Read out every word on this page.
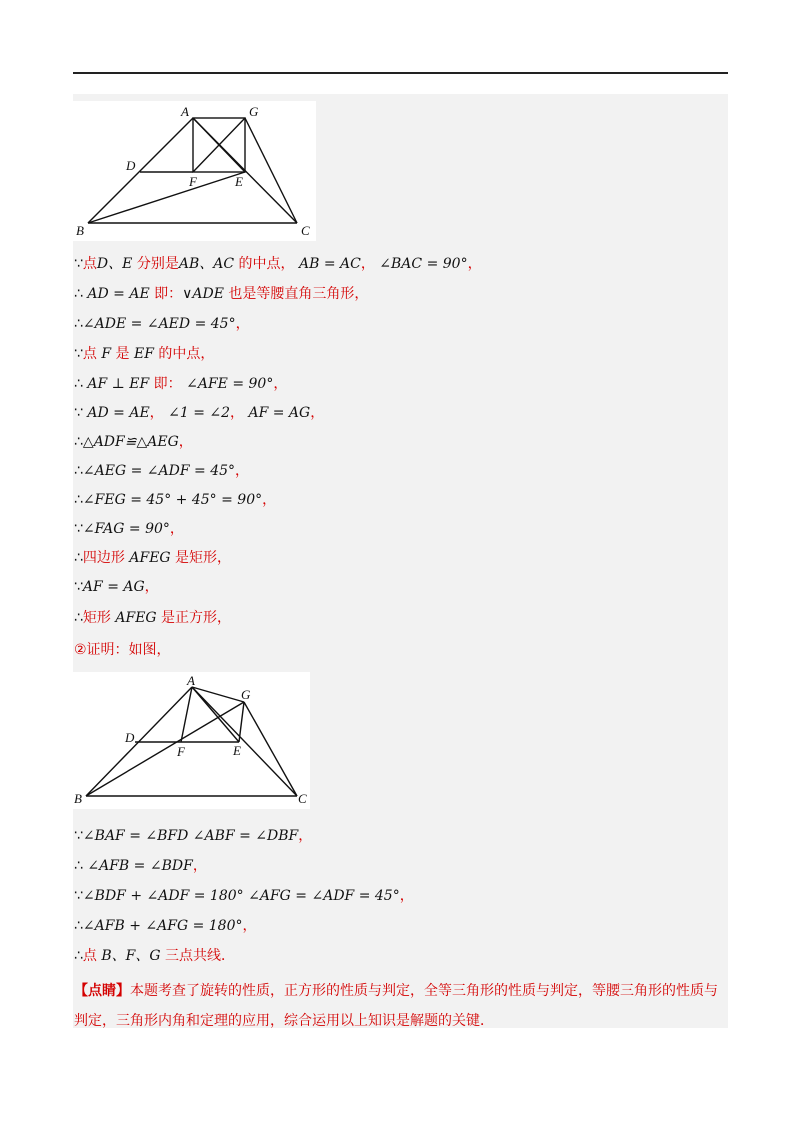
A	G
D
F	E
B	C
∵点D、E 分别是AB、AC 的中点， AB = AC， ∠BAC = 90°，
∴ AD = AE 即：∨ADE 也是等腰直角三角形，
∴∠ADE = ∠AED = 45°，
∵点 F 是 EF 的中点，
∴ AF ⊥ EF 即： ∠AFE = 90°，
∵ AD = AE， ∠1 = ∠2， AF = AG，
∴△ADF≌△AEG，
∴∠AEG = ∠ADF = 45°，
∴∠FEG = 45° + 45° = 90°，
∵∠FAG = 90°，
∴四边形 AFEG 是矩形，
∵AF = AG，
∴矩形 AFEG 是正方形，
②证明：如图，
A
G
D
F	E
B	C
∵∠BAF = ∠BFD ∠ABF = ∠DBF，
∴ ∠AFB = ∠BDF，
∵∠BDF + ∠ADF = 180° ∠AFG = ∠ADF = 45°，
∴∠AFB + ∠AFG = 180°，
∴点 B、F、G 三点共线．
【点睛】本题考查了旋转的性质，正方形的性质与判定，全等三角形的性质与判定，等腰三角形的性质与判定，三角形内角和定理的应用，综合运用以上知识是解题的关键．
